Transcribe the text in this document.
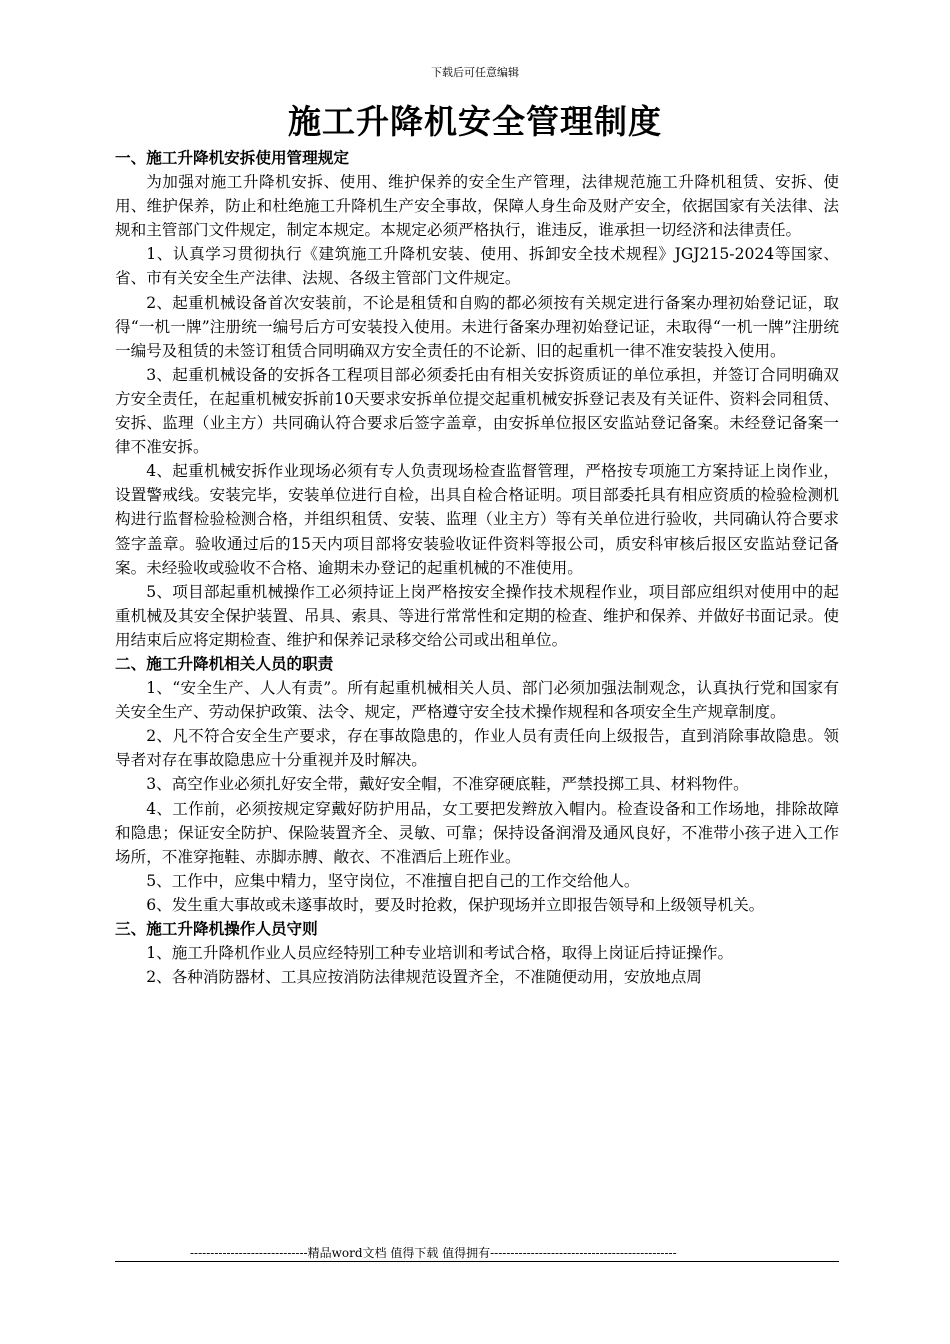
下载后可任意编辑
施工升降机安全管理制度

一、施工升降机安拆使用管理规定

为加强对施工升降机安拆、使用、维护保养的安全生产管理，法律规范施工升降机租赁、安拆、使用、维护保养，防止和杜绝施工升降机生产安全事故，保障人身生命及财产安全，依据国家有关法律、法规和主管部门文件规定，制定本规定。本规定必须严格执行，谁违反，谁承担一切经济和法律责任。

1、认真学习贯彻执行《建筑施工升降机安装、使用、拆卸安全技术规程》JGJ215-2024等国家、省、市有关安全生产法律、法规、各级主管部门文件规定。

2、起重机械设备首次安装前，不论是租赁和自购的都必须按有关规定进行备案办理初始登记证，取得“一机一牌”注册统一编号后方可安装投入使用。未进行备案办理初始登记证，未取得“一机一牌”注册统一编号及租赁的未签订租赁合同明确双方安全责任的不论新、旧的起重机一律不准安装投入使用。

3、起重机械设备的安拆各工程项目部必须委托由有相关安拆资质证的单位承担，并签订合同明确双方安全责任，在起重机械安拆前10天要求安拆单位提交起重机械安拆登记表及有关证件、资料会同租赁、安拆、监理（业主方）共同确认符合要求后签字盖章，由安拆单位报区安监站登记备案。未经登记备案一律不准安拆。

4、起重机械安拆作业现场必须有专人负责现场检查监督管理，严格按专项施工方案持证上岗作业，设置警戒线。安装完毕，安装单位进行自检，出具自检合格证明。项目部委托具有相应资质的检验检测机构进行监督检验检测合格，并组织租赁、安装、监理（业主方）等有关单位进行验收，共同确认符合要求签字盖章。验收通过后的15天内项目部将安装验收证件资料等报公司，质安科审核后报区安监站登记备案。未经验收或验收不合格、逾期未办登记的起重机械的不准使用。

5、项目部起重机械操作工必须持证上岗严格按安全操作技术规程作业，项目部应组织对使用中的起重机械及其安全保护装置、吊具、索具、等进行常常性和定期的检查、维护和保养、并做好书面记录。使用结束后应将定期检查、维护和保养记录移交给公司或出租单位。

二、施工升降机相关人员的职责

1、“安全生产、人人有责”。所有起重机械相关人员、部门必须加强法制观念，认真执行党和国家有关安全生产、劳动保护政策、法令、规定，严格遵守安全技术操作规程和各项安全生产规章制度。

2、凡不符合安全生产要求，存在事故隐患的，作业人员有责任向上级报告，直到消除事故隐患。领导者对存在事故隐患应十分重视并及时解决。

3、高空作业必须扎好安全带，戴好安全帽，不准穿硬底鞋，严禁投掷工具、材料物件。

4、工作前，必须按规定穿戴好防护用品，女工要把发辫放入帽内。检查设备和工作场地，排除故障和隐患；保证安全防护、保险装置齐全、灵敏、可靠；保持设备润滑及通风良好，不准带小孩子进入工作场所，不准穿拖鞋、赤脚赤膊、敞衣、不准酒后上班作业。

5、工作中，应集中精力，坚守岗位，不准擅自把自己的工作交给他人。

6、发生重大事故或未遂事故时，要及时抢救，保护现场并立即报告领导和上级领导机关。

三、施工升降机操作人员守则

1、施工升降机作业人员应经特别工种专业培训和考试合格，取得上岗证后持证操作。

2、各种消防器材、工具应按消防法律规范设置齐全，不准随便动用，安放地点周

-----------------------------精品word文档 值得下载 值得拥有----------------------------------------------
